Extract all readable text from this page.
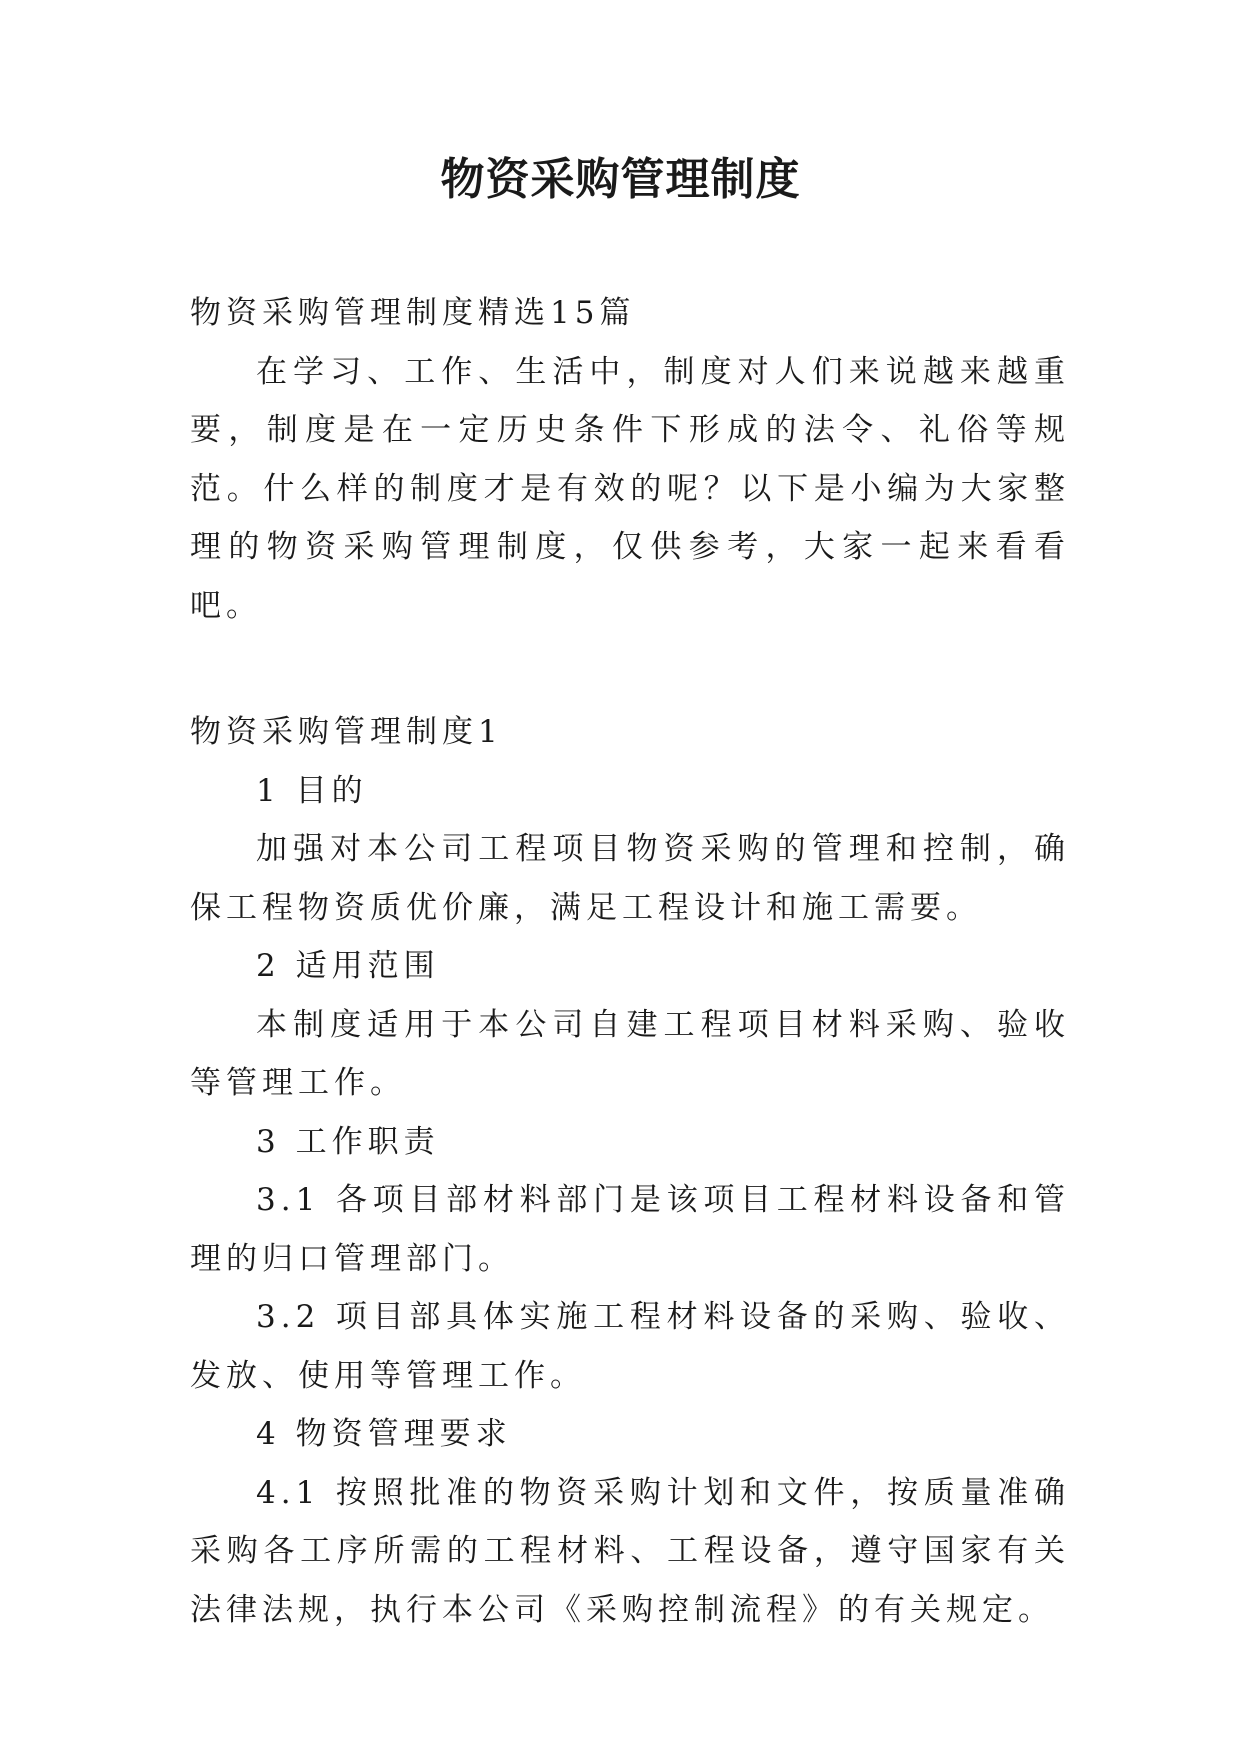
物资采购管理制度

物资采购管理制度精选15篇

在学习、工作、生活中，制度对人们来说越来越重要，制度是在一定历史条件下形成的法令、礼俗等规范。什么样的制度才是有效的呢？以下是小编为大家整理的物资采购管理制度，仅供参考，大家一起来看看吧。

物资采购管理制度1

1 目的

加强对本公司工程项目物资采购的管理和控制，确保工程物资质优价廉，满足工程设计和施工需要。

2 适用范围

本制度适用于本公司自建工程项目材料采购、验收等管理工作。

3 工作职责

3.1 各项目部材料部门是该项目工程材料设备和管理的归口管理部门。

3.2 项目部具体实施工程材料设备的采购、验收、发放、使用等管理工作。

4 物资管理要求

4.1 按照批准的物资采购计划和文件，按质量准确采购各工序所需的工程材料、工程设备，遵守国家有关法律法规，执行本公司《采购控制流程》的有关规定。
